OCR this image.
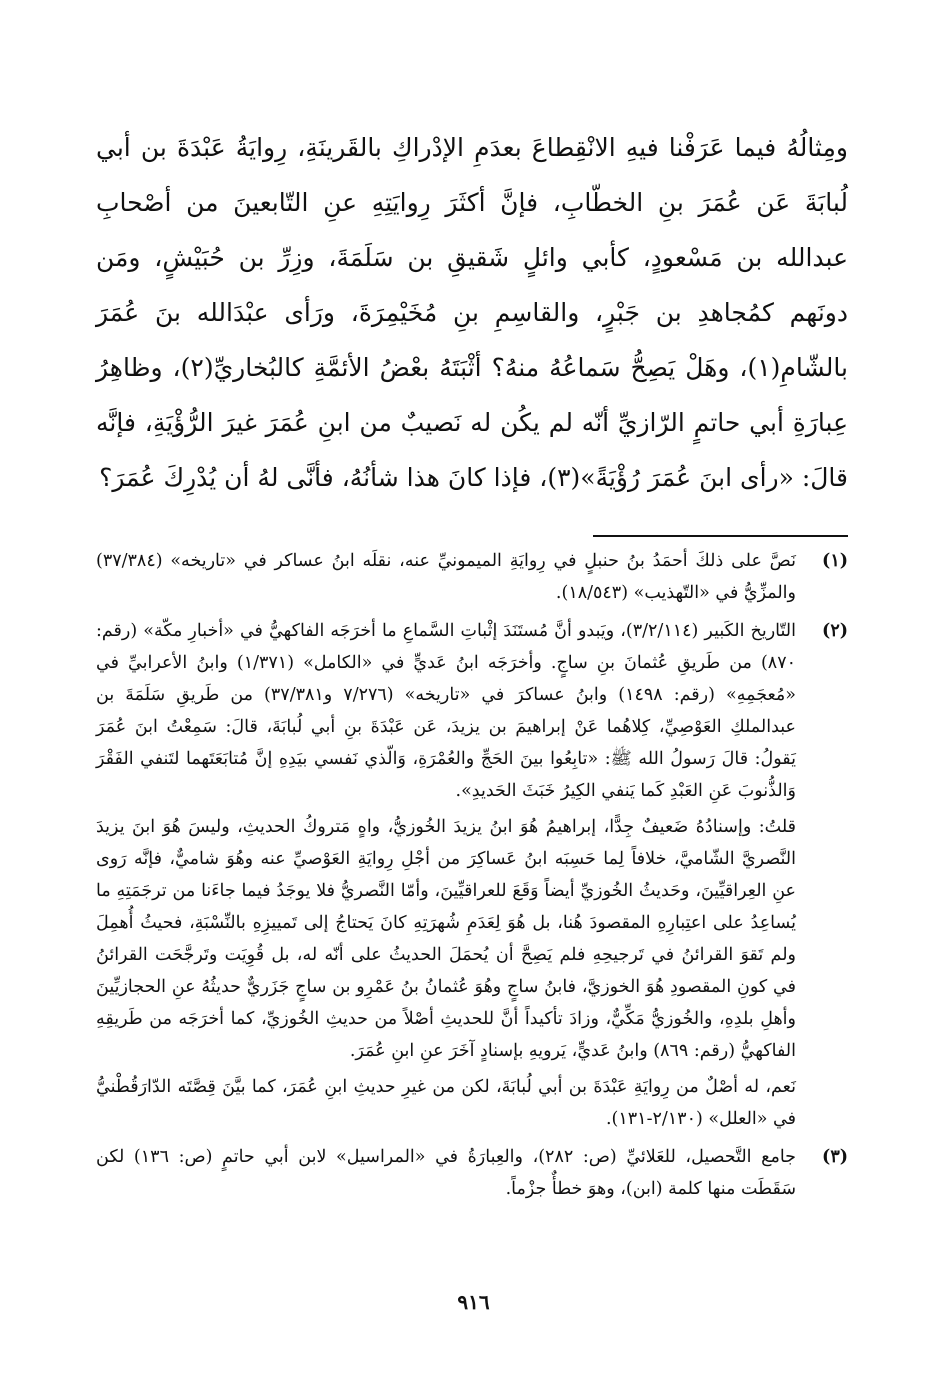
ومِثالُهُ فيما عَرَفْنا فيهِ الانْقِطاعَ بعدَمِ الإدْراكِ بالقَرينَةِ، رِوايَةُ عَبْدَةَ بن أبي لُبابَةَ عَن عُمَرَ بنِ الخطّابِ، فإنَّ أكثَرَ رِوايَتِهِ عنِ التّابعينَ من أصْحابِ عبدالله بن مَسْعودٍ، كأبي وائلٍ شَقيقِ بن سَلَمَةَ، وزِرِّ بن حُبَيْشٍ، ومَن دونَهم كمُجاهدِ بن جَبْرٍ، والقاسِمِ بنِ مُخَيْمِرَةَ، ورَأى عبْدَالله بنَ عُمَرَ بالشّامِ(١)، وهَلْ يَصِحُّ سَماعُهُ منهُ؟ أثْبَتَهُ بعْضُ الأئمَّةِ كالبُخاريِّ(٢)، وظاهِرُ عِبارَةِ أبي حاتمٍ الرّازيِّ أنّه لم يكُن له نَصيبٌ من ابنِ عُمَرَ غيرَ الرُّؤْيَةِ، فإنَّه قالَ: «رأى ابنَ عُمَرَ رُؤْيَةً»(٣)، فإذا كانَ هذا شأنُهُ، فأنَّى لهُ أن يُدْرِكَ عُمَرَ؟

(١)

نَصَّ على ذلكَ أحمَدُ بنُ حنبلٍ في رِوايَةِ الميمونيِّ عنه، نقلَه ابنُ عساكر في «تاريخه» (٣٧/٣٨٤) والمزِّيُّ في «التّهذيب» (١٨/٥٤٣).

(٢)

التّاريخ الكَبير (٣/٢/١١٤)، ويَبدو أنَّ مُستَنَدَ إثْباتِ السَّماعِ ما أخرَجَه الفاكهيُّ في «أخبارِ مكّة» (رقم: ٨٧٠) من طَريقِ عُثمانَ بنِ ساجٍ. وأخرَجَه ابنُ عَديٍّ في «الكامل» (١/٣٧١) وابنُ الأعرابيِّ في «مُعجَمِهِ» (رقم: ١٤٩٨) وابنُ عساكرَ في «تاريخه» (٧/٢٧٦ و٣٧/٣٨١) من طَريقِ سَلَمَةَ بن عبدالملكِ العَوْصِيِّ، كِلاهُما عَنْ إبراهيمَ بن يزيدَ، عَن عَبْدَةَ بنِ أبي لُبابَةَ، قالَ: سَمِعْتُ ابنَ عُمَرَ يَقولُ: قالَ رَسولُ الله ﷺ: «تابِعُوا بينَ الحَجِّ والعُمْرَةِ، وَالّذي نَفسي بيَدِهِ إنَّ مُتابَعَتَهما لتَنفي الفَقْرَ وَالذُّنوبَ عَنِ العَبْدِ كَما يَنفي الكِيرُ خَبَثَ الحَديدِ».

قلتُ: وإسنادُهُ ضَعيفٌ جِدًّا، إبراهيمُ هُوَ ابنُ يزيدَ الخُوزيُّ، واهٍ مَتروكُ الحديثِ، وليسَ هُوَ ابنَ يزيدَ النَّصريَّ الشّاميَّ، خلافاً لِما حَسِبَه ابنُ عَساكِرَ من أجْلِ رِوايَةِ العَوْصيِّ عنه وهُوَ شاميٌّ، فإنَّه رَوى عنِ العِراقيِّينَ، وحَديثُ الخُوزيِّ أيضاً وَقَعَ للعراقيِّينَ، وأمّا النَّصريُّ فلا يوجَدُ فيما جاءَنا من ترجَمَتِهِ ما يُساعِدُ على اعتِبارِهِ المقصودَ هُنا، بل هُوَ لِعَدَمِ شُهرَتِهِ كانَ يَحتاجُ إلى تَمييزِهِ بالنِّسْبَةِ، فحيثُ أُهمِلَ ولم تَقوَ القرائنُ في تَرجيحِهِ فلم يَصِحَّ أن يُحمَلَ الحديثُ على أنّه له، بل قُوِيَت وتَرجَّحَت القرائنُ في كونِ المقصودِ هُوَ الخوزيَّ، فابنُ ساجٍ وهُوَ عُثمانُ بنُ عَمْرِو بن ساجٍ جَزَريٌّ حديثُهُ عنِ الحجازيِّينَ وأهلِ بلدِهِ، والخُوزيُّ مَكِّيٌّ، وزادَ تأكيداً أنَّ للحديثِ أصْلاً من حديثِ الخُوزيِّ، كما أخرَجَه من طَريقِهِ الفاكهيُّ (رقم: ٨٦٩) وابنُ عَديٍّ، يَرويهِ بإسنادٍ آخَرَ عنِ ابنِ عُمَرَ.

نَعم، له أصْلٌ من رِوايَةِ عَبْدَةَ بن أبي لُبابَةَ، لكن من غيرِ حديثِ ابنِ عُمَرَ، كما بيَّنَ قِصَّتَه الدّارَقُطْنيُّ في «العلل» (٢/١٣٠-١٣١).

(٣)

جامع التَّحصيل، للعَلائيِّ (ص: ٢٨٢)، والعِبارَةُ في «المراسيل» لابن أبي حاتمٍ (ص: ١٣٦) لكن سَقَطَت منها كلمة (ابن)، وهوَ خطأٌ جزْماً.

٩١٦
